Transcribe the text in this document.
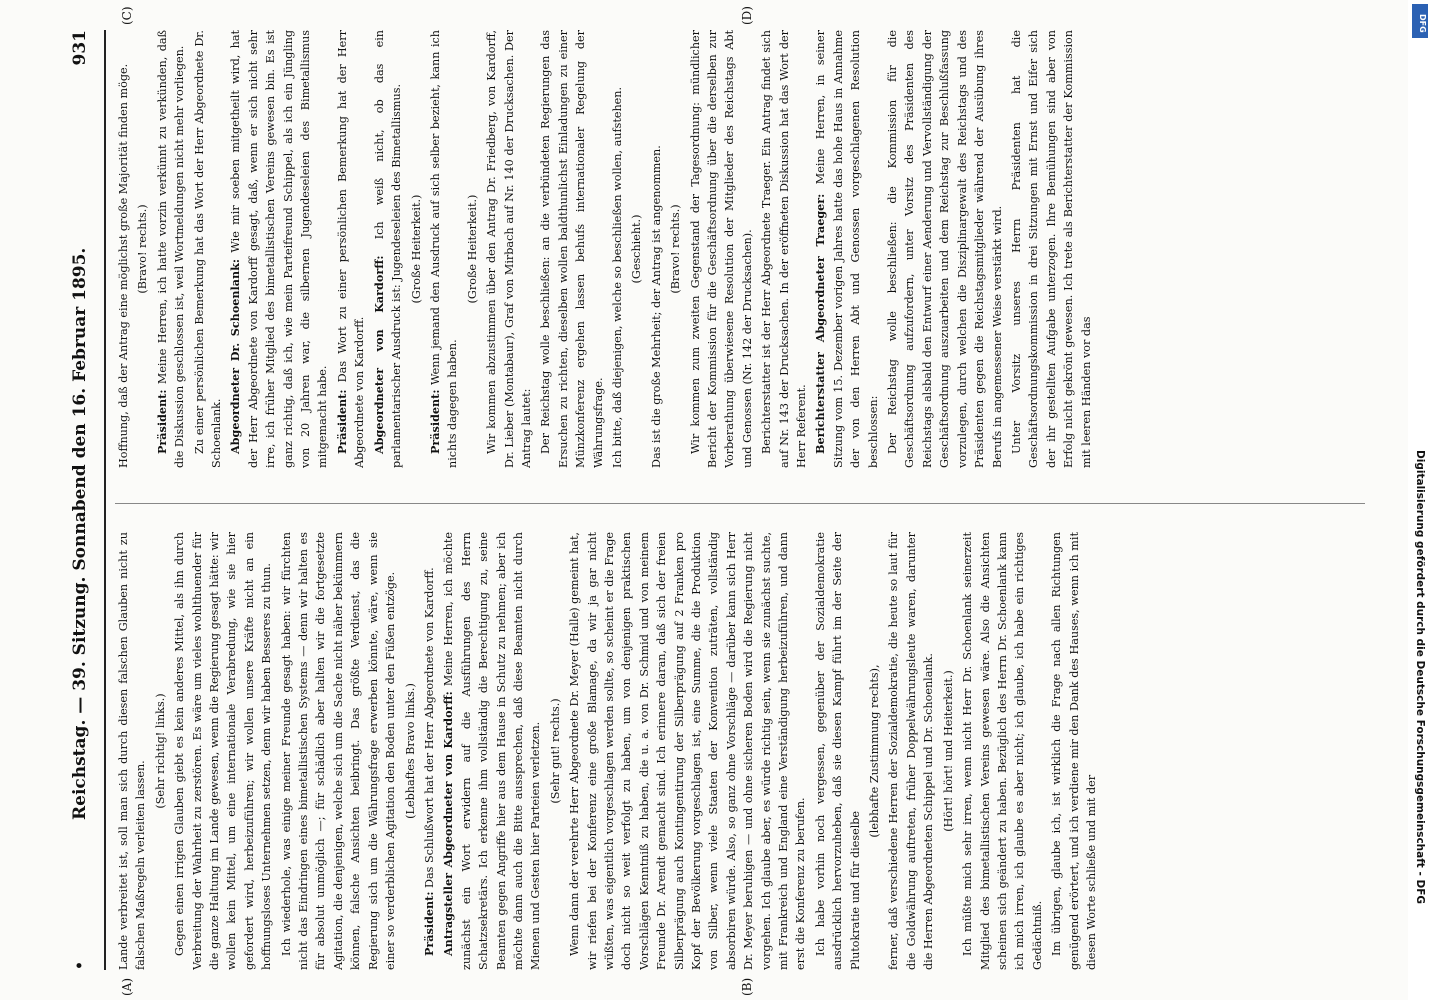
•
Reichstag. — 39. Sitzung. Sonnabend den 16. Februar 1895.
931

Lande verbreitet ist, soll man sich durch diesen falschen Glauben nicht zu falschen Maßregeln verleiten lassen.

(Sehr richtig! links.) Gegen einen irrigen Glauben giebt es kein anderes Mittel, als ihn durch Verbreitung der Wahrheit zu zerstören. Es wäre um vieles wohlthuender für die ganze Haltung im Lande gewesen, wenn die Regierung gesagt hätte: wir wollen kein Mittel, um eine internationale Verabredung, wie sie hier gefordert wird, herbeizuführen; wir wollen unsere Kräfte nicht an ein hoffnungsloses Unternehmen setzen, denn wir haben Besseres zu thun. Ich wiederhole, was einige meiner Freunde gesagt haben: wir fürchten nicht das Eindringen eines bimetallistischen Systems — denn wir halten es für absolut unmöglich —; für schädlich aber halten wir die fortgesetzte Agitation, die denjenigen, welche sich um die Sache nicht näher bekümmern können, falsche Ansichten beibringt. Das größte Verdienst, das die Regierung sich um die Währungsfrage erwerben könnte, wäre, wenn sie einer so verderblichen Agitation den Boden unter den Füßen entzöge. (Lebhaftes Bravo links.)

Präsident: Das Schlußwort hat der Herr Abgeordnete von Kardorff. Antragsteller Abgeordneter von Kardorff: Meine Herren, ich möchte zunächst ein Wort erwidern auf die Ausführungen des Herrn Schatzsekretärs. Ich erkenne ihm vollständig die Berechtigung zu, seine Beamten gegen Angriffe hier aus dem Hause in Schutz zu nehmen; aber ich möchte dann auch die Bitte aussprechen, daß diese Beamten nicht durch Mienen und Gesten hier Parteien verletzen. (Sehr gut! rechts.) Wenn dann der verehrte Herr Abgeordnete Dr. Meyer (Halle) gemeint hat, wir riefen bei der Konferenz eine große Blamage, da wir ja gar nicht wüßten, was eigentlich vorgeschlagen werden sollte, so scheint er die Frage doch nicht so weit verfolgt zu haben, um von denjenigen praktischen Vorschlägen Kenntniß zu haben, die u. a. von Dr. Schmid und von meinem Freunde Dr. Arendt gemacht sind. Ich erinnere daran, daß sich der freien Silberprägung auch Kontingentirung der Silberprägung auf 2 Franken pro Kopf der Bevölkerung vorgeschlagen ist, eine Summe, die die Produktion von Silber, wenn viele Staaten der Konvention zuträten, vollständig absorbiren würde. Also, so ganz ohne Vorschläge — darüber kann sich Herr Dr. Meyer beruhigen — und ohne sicheren Boden wird die Regierung nicht vorgehen. Ich glaube aber, es würde richtig sein, wenn sie zunächst suchte, mit Frankreich und England eine Verständigung herbeizuführen, und dann erst die Konferenz zu berufen. Ich habe vorhin noch vergessen, gegenüber der Sozialdemokratie ausdrücklich hervorzuheben, daß sie diesen Kampf führt im der Seite der Plutokratie und für dieselbe

(lebhafte Zustimmung rechts), ferner, daß verschiedene Herren der Sozialdemokratie, die heute so laut für die Goldwährung auftreten, früher Doppelwährungsleute waren, darunter die Herren Abgeordneten Schippel und Dr. Schoenlank. (Hört! hört! und Heiterkeit.) Ich müßte mich sehr irren, wenn nicht Herr Dr. Schoenlank seinerzeit Mitglied des bimetallistischen Vereins gewesen wäre. Also die Ansichten scheinen sich geändert zu haben. Bezüglich des Herrn Dr. Schoenlank kann ich mich irren, ich glaube es aber nicht; ich glaube, ich habe ein richtiges Gedächtniß. Im übrigen, glaube ich, ist wirklich die Frage nach allen Richtungen genügend erörtert, und ich verdiene mir den Dank des Hauses, wenn ich mit diesen Worte schließe und mit der

Hoffnung, daß der Antrag eine möglichst große Majorität finden möge. (Bravo! rechts.)

Präsident: Meine Herren, ich hatte vorzin verkünnt zu verkünden, daß die Diskussion geschlossen ist, weil Wortmeldungen nicht mehr vorliegen. Zu einer persönlichen Bemerkung hat das Wort der Herr Abgeordnete Dr. Schoenlank. Abgeordneter Dr. Schoenlank: Wie mir soeben mitgetheilt wird, hat der Herr Abgeordnete von Kardorff gesagt, daß, wenn er sich nicht sehr irre, ich früher Mitglied des bimetallistischen Vereins gewesen bin. Es ist ganz richtig, daß ich, wie mein Parteifreund Schippel, als ich ein Jüngling von 20 Jahren war, die silbernen Jugendeseleien des Bimetallismus mitgemacht habe. Präsident: Das Wort zu einer persönlichen Bemerkung hat der Herr Abgeordnete von Kardorff. Abgeordneter von Kardorff: Ich weiß nicht, ob das ein parlamentarischer Ausdruck ist: Jugendeseleien des Bimetallismus. (Große Heiterkeit.)

Präsident: Wenn jemand den Ausdruck auf sich selber bezieht, kann ich nichts dagegen haben.

(Große Heiterkeit.) Wir kommen abzustimmen über den Antrag Dr. Friedberg, von Kardorff, Dr. Lieber (Montabaur), Graf von Mirbach auf Nr. 140 der Drucksachen. Der Antrag lautet: Der Reichstag wolle beschließen: an die verbündeten Regierungen das Ersuchen zu richten, dieselben wollen baldthunlichst Einladungen zu einer Münzkonferenz ergehen lassen behufs internationaler Regelung der Währungsfrage. Ich bitte, daß diejenigen, welche so beschließen wollen, aufstehen. (Geschieht.) Das ist die große Mehrheit; der Antrag ist angenommen. (Bravo! rechts.) Wir kommen zum zweiten Gegenstand der Tagesordnung: mündlicher Bericht der Kommission für die Geschäftsordnung über die derselben zur Vorberathung überwiesene Resolution der Mitglieder des Reichstags Abt und Genossen (Nr. 142 der Drucksachen). Berichterstatter ist der Herr Abgeordnete Traeger. Ein Antrag findet sich auf Nr. 143 der Drucksachen. In der eröffneten Diskussion hat das Wort der Herr Referent. Berichterstatter Abgeordneter Traeger: Meine Herren, in seiner Sitzung vom 15. Dezember vorigen Jahres hatte das hohe Haus in Annahme der von den Herren Abt und Genossen vorgeschlagenen Resolution beschlossen: Der Reichstag wolle beschließen: die Kommission für die Geschäftsordnung aufzufordern, unter Vorsitz des Präsidenten des Reichstags alsbald den Entwurf einer Aenderung und Vervollständigung der Geschäftsordnung auszuarbeiten und dem Reichstag zur Beschlußfassung vorzulegen, durch welchen die Disziplinargewalt des Reichstags und des Präsidenten gegen die Reichstagsmitglieder während der Ausübung ihres Berufs in angemessener Weise verstärkt wird. Unter Vorsitz unseres Herrn Präsidenten hat die Geschäftsordnungskommission in drei Sitzungen mit Ernst und Eifer sich der ihr gestellten Aufgabe unterzogen. Ihre Bemühungen sind aber von Erfolg nicht gekrönt gewesen. Ich trete als Berichterstatter der Kommission mit leeren Händen vor das

(A)	(B)
(C)	(D)
Digitalisierung gefördert durch die Deutsche Forschungsgemeinschaft - DFG
DFG
